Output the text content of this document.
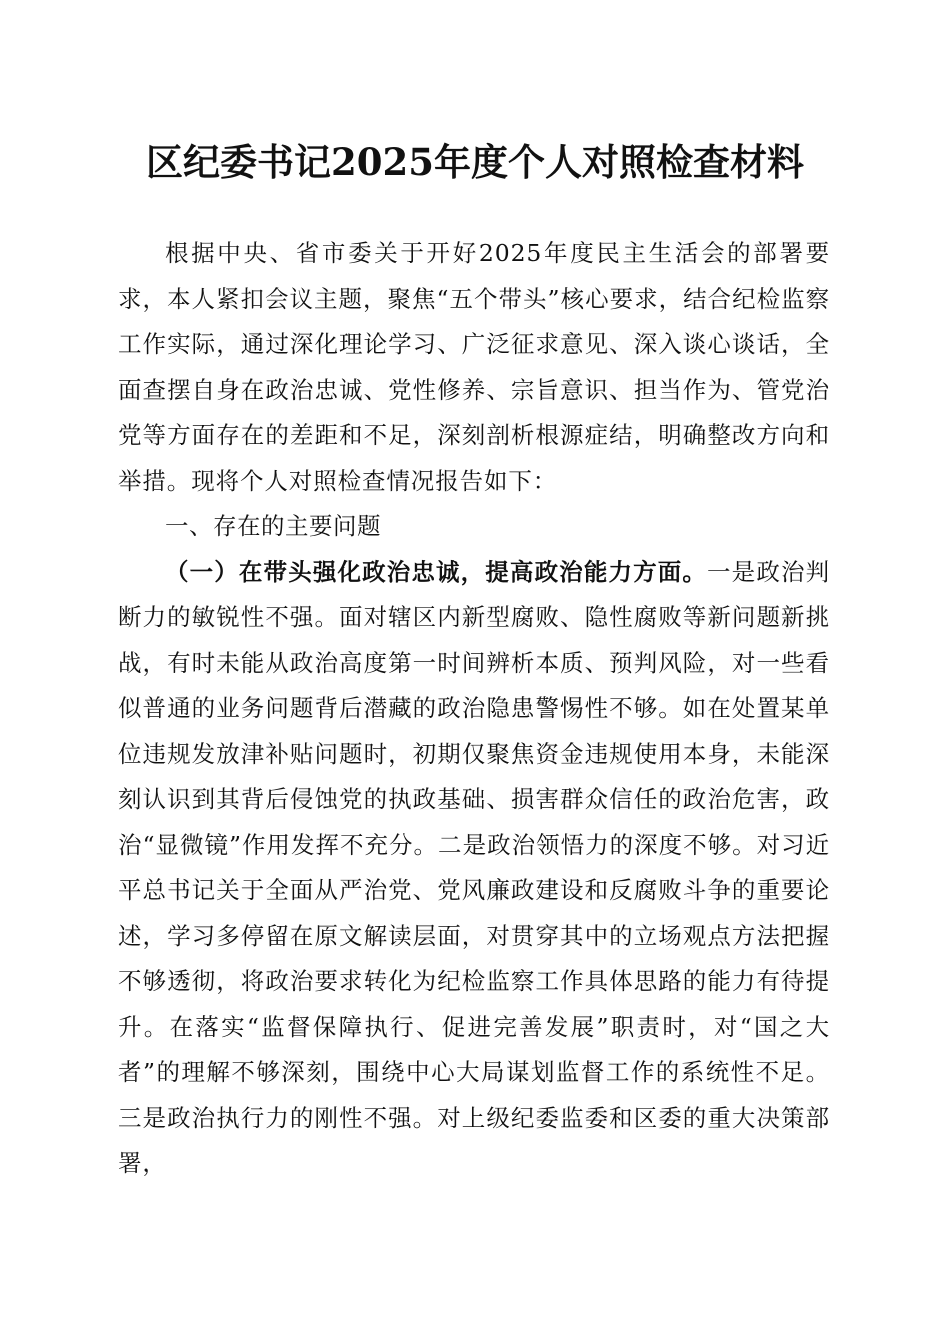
区纪委书记2025年度个人对照检查材料

根据中央、省市委关于开好2025年度民主生活会的部署要求，本人紧扣会议主题，聚焦“五个带头”核心要求，结合纪检监察工作实际，通过深化理论学习、广泛征求意见、深入谈心谈话，全面查摆自身在政治忠诚、党性修养、宗旨意识、担当作为、管党治党等方面存在的差距和不足，深刻剖析根源症结，明确整改方向和举措。现将个人对照检查情况报告如下：

一、存在的主要问题

（一）在带头强化政治忠诚，提高政治能力方面。一是政治判断力的敏锐性不强。面对辖区内新型腐败、隐性腐败等新问题新挑战，有时未能从政治高度第一时间辨析本质、预判风险，对一些看似普通的业务问题背后潜藏的政治隐患警惕性不够。如在处置某单位违规发放津补贴问题时，初期仅聚焦资金违规使用本身，未能深刻认识到其背后侵蚀党的执政基础、损害群众信任的政治危害，政治“显微镜”作用发挥不充分。二是政治领悟力的深度不够。对习近平总书记关于全面从严治党、党风廉政建设和反腐败斗争的重要论述，学习多停留在原文解读层面，对贯穿其中的立场观点方法把握不够透彻，将政治要求转化为纪检监察工作具体思路的能力有待提升。在落实“监督保障执行、促进完善发展”职责时，对“国之大者”的理解不够深刻，围绕中心大局谋划监督工作的系统性不足。三是政治执行力的刚性不强。对上级纪委监委和区委的重大决策部署，
